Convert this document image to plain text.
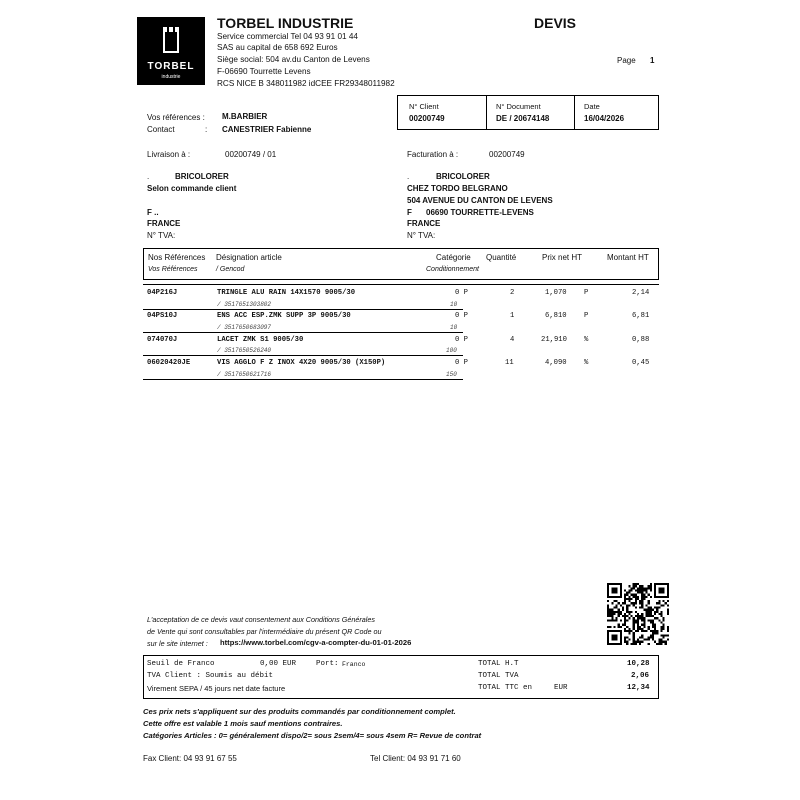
TORBEL
industrie
TORBEL INDUSTRIE
Service commercial Tel 04 93 91 01 44
SAS au capital de 658 692 Euros
Siège social: 504 av.du Canton de Levens
F-06690 Tourrette Levens
RCS NICE B 348011982 idCEE FR29348011982
DEVIS
Page 1
N° Client
00200749
N° Document
DE / 20674148
Date
16/04/2026
Vos références : M.BARBIER
Contact	: CANESTRIER Fabienne
Livraison à :	00200749 / 01
.	BRICOLORER
Selon commande client
F ..
FRANCE
N° TVA:
Facturation à :	00200749
.	BRICOLORER
CHEZ TORDO BELGRANO
504 AVENUE DU CANTON DE LEVENS
F 06690 TOURRETTE-LEVENS
FRANCE
N° TVA:
Nos Références
Vos Références
Désignation article
/ Gencod
Catégorie
Conditionnement
Quantité	Prix net HT	Montant HT
04P216J	TRINGLE ALU RAIN 14X1570 9005/30
/ 3517651303802
0 P
10
2	1,070 P	2,14
04PS10J	ENS ACC ESP.ZMK SUPP 3P 9005/30
/ 3517650683097
0 P
10
1	6,810 P	6,81
074070J	LACET ZMK S1 9005/30
/ 3517650526240
0 P
100
4	21,910 %	0,88
06020420JE	VIS AGGLO F Z INOX 4X20 9005/30 (X150P)
/ 3517650621716
0 P
150
11	4,090 %	0,45
L'acceptation de ce devis vaut consentement aux Conditions Générales
de Vente qui sont consultables par l'intermédiaire du présent QR Code ou
sur le site internet : https://www.torbel.com/cgv-a-compter-du-01-01-2026
Seuil de Franco	0,00 EUR	Port: Franco
TVA Client : Soumis au débit
Virement SEPA / 45 jours net date facture
TOTAL H.T	10,28
TOTAL TVA	2,06
TOTAL TTC en	EUR	12,34
Ces prix nets s'appliquent sur des produits commandés par conditionnement complet.
Cette offre est valable 1 mois sauf mentions contraires.
Catégories Articles : 0= généralement dispo/2= sous 2sem/4= sous 4sem R= Revue de contrat
Fax Client: 04 93 91 67 55	Tel Client: 04 93 91 71 60
